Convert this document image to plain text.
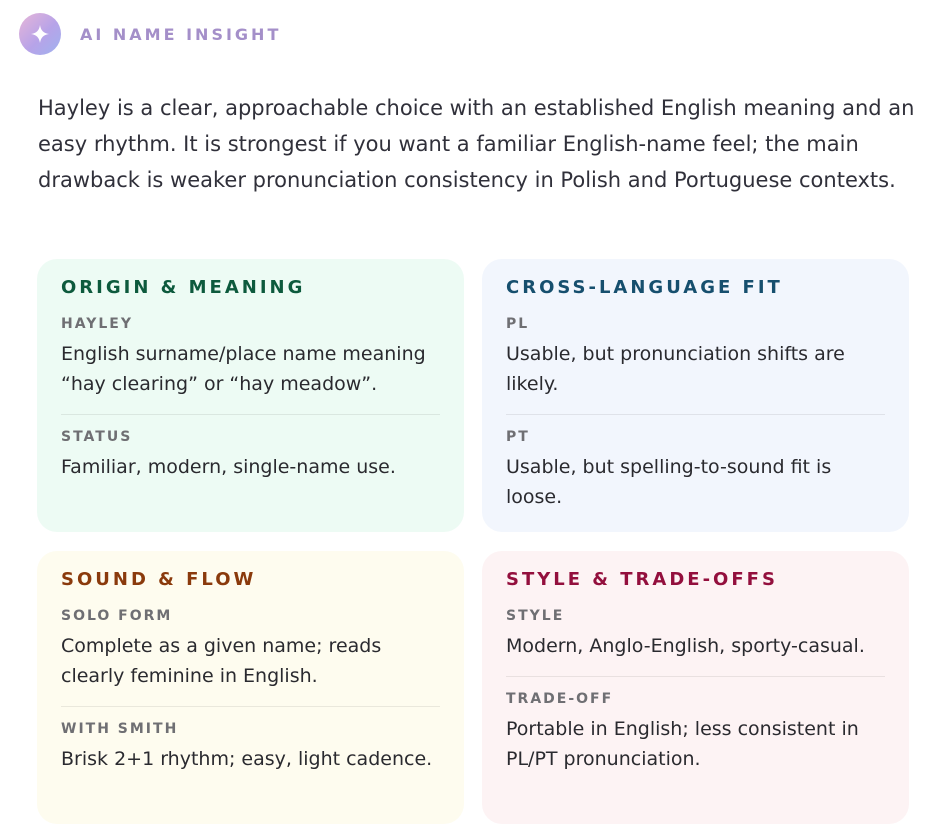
AI NAME INSIGHT

Hayley is a clear, approachable choice with an established English meaning and an easy rhythm. It is strongest if you want a familiar English-name feel; the main drawback is weaker pronunciation consistency in Polish and Portuguese contexts.

ORIGIN & MEANING
HAYLEY
English surname/place name meaning “hay clearing” or “hay meadow”.
STATUS
Familiar, modern, single-name use.
CROSS-LANGUAGE FIT
PL
Usable, but pronunciation shifts are likely.
PT
Usable, but spelling-to-sound fit is loose.
SOUND & FLOW
SOLO FORM
Complete as a given name; reads clearly feminine in English.
WITH SMITH
Brisk 2+1 rhythm; easy, light cadence.
STYLE & TRADE-OFFS
STYLE
Modern, Anglo-English, sporty-casual.
TRADE-OFF
Portable in English; less consistent in PL/PT pronunciation.
